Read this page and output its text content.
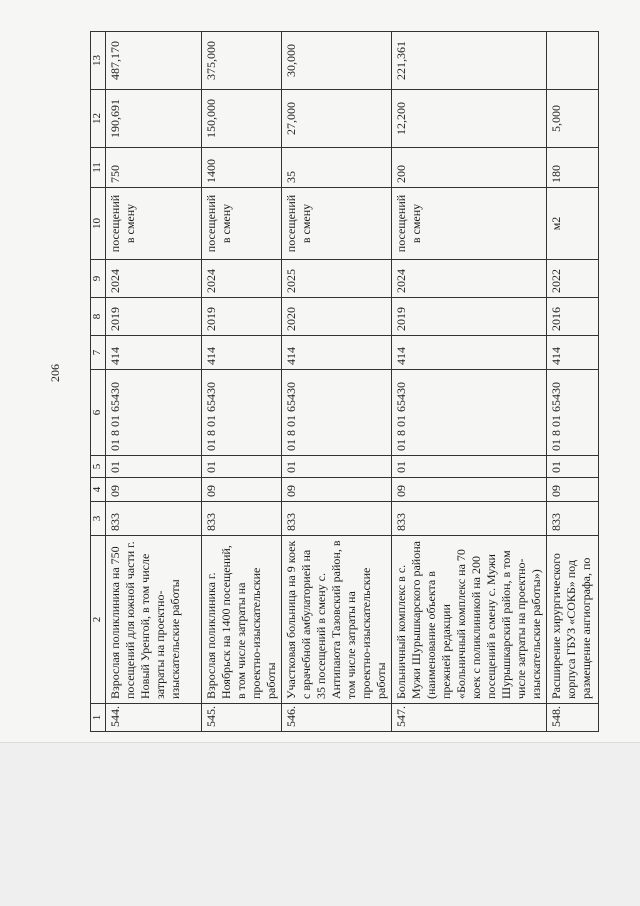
206
1	2	3	4	5	6	7	8	9	10	11	12	13
544.	Взрослая поликлиника на 750 посещений для южной части г. Новый Уренгой, в том числе затраты на проектно-изыскательские работы	833	09	01	01 8 01 65430	414	2019	2024	посещений в смену	750	190,691	487,170
545.	Взрослая поликлиника г. Ноябрьск на 1400 посещений, в том числе затраты на проектно-изыскательские работы	833	09	01	01 8 01 65430	414	2019	2024	посещений в смену	1400	150,000	375,000
546.	Участковая больница на 9 коек с врачебной амбулаторией на 35 посещений в смену с. Антипаюта Тазовский район, в том числе затраты на проектно-изыскательские работы	833	09	01	01 8 01 65430	414	2020	2025	посещений в смену	35	27,000	30,000
547.	Больничный комплекс в с. Мужи Шурышкарского района (наименование объекта в прежней редакции «Больничный комплекс на 70 коек с поликлиникой на 200 посещений в смену с. Мужи Шурышкарский район, в том числе затраты на проектно-изыскательские работы»)	833	09	01	01 8 01 65430	414	2019	2024	посещений в смену	200	12,200	221,361
548.	Расширение хирургического корпуса ГБУЗ «СОКБ» под размещение ангиографа, по	833	09	01	01 8 01 65430	414	2016	2022	м2	180	5,000	
